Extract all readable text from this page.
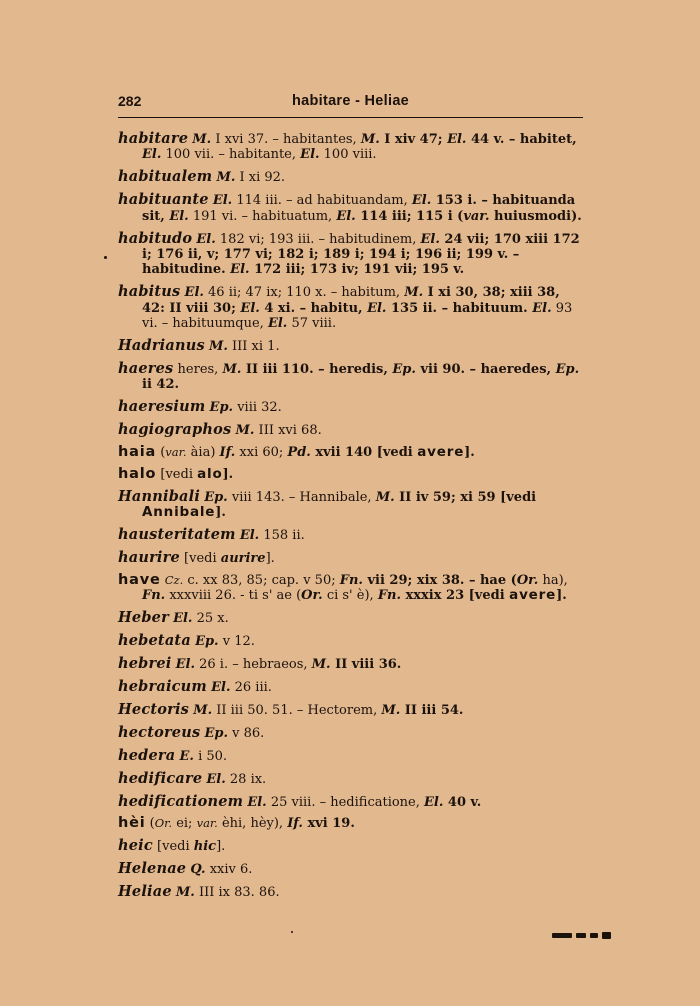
282	habitare - Heliae
habitare M. I xvi 37. – habitantes, M. I xiv 47; El. 44 v. – habitet, El. 100 vii. – habitante, El. 100 viii.
habitualem M. I xi 92.
habituante El. 114 iii. – ad habituandam, El. 153 i. – habituanda sit, El. 191 vi. – habituatum, El. 114 iii; 115 i (var. huiusmodi).
habitudo El. 182 vi; 193 iii. – habitudinem, El. 24 vii; 170 xiii 172 i; 176 ii, v; 177 vi; 182 i; 189 i; 194 i; 196 ii; 199 v. – habitudine. El. 172 iii; 173 iv; 191 vii; 195 v.
habitus El. 46 ii; 47 ix; 110 x. – habitum, M. I xi 30, 38; xiii 38, 42: II viii 30; El. 4 xi. – habitu, El. 135 ii. – habituum. El. 93 vi. – habituumque, El. 57 viii.
Hadrianus M. III xi 1.
haeres heres, M. II iii 110. – heredis, Ep. vii 90. – haeredes, Ep. ii 42.
haeresium Ep. viii 32.
hagiographos M. III xvi 68.
haia (var. àia) If. xxi 60; Pd. xvii 140 [vedi avere].
halo [vedi alo].
Hannibali Ep. viii 143. – Hannibale, M. II iv 59; xi 59 [vedi Annibale].
hausteritatem El. 158 ii.
haurire [vedi aurire].
have Cz. c. xx 83, 85; cap. v 50; Fn. vii 29; xix 38. – hae (Or. ha), Fn. xxxviii 26. - ti s' ae (Or. ci s' è), Fn. xxxix 23 [vedi avere].
Heber El. 25 x.
hebetata Ep. v 12.
hebrei El. 26 i. – hebraeos, M. II viii 36.
hebraicum El. 26 iii.
Hectoris M. II iii 50. 51. – Hectorem, M. II iii 54.
hectoreus Ep. v 86.
hedera E. i 50.
hedificare El. 28 ix.
hedificationem El. 25 viii. – hedificatione, El. 40 v.
hèi (Or. ei; var. èhi, hèy), If. xvi 19.
heic [vedi hic].
Helenae Q. xxiv 6.
Heliae M. III ix 83. 86.
